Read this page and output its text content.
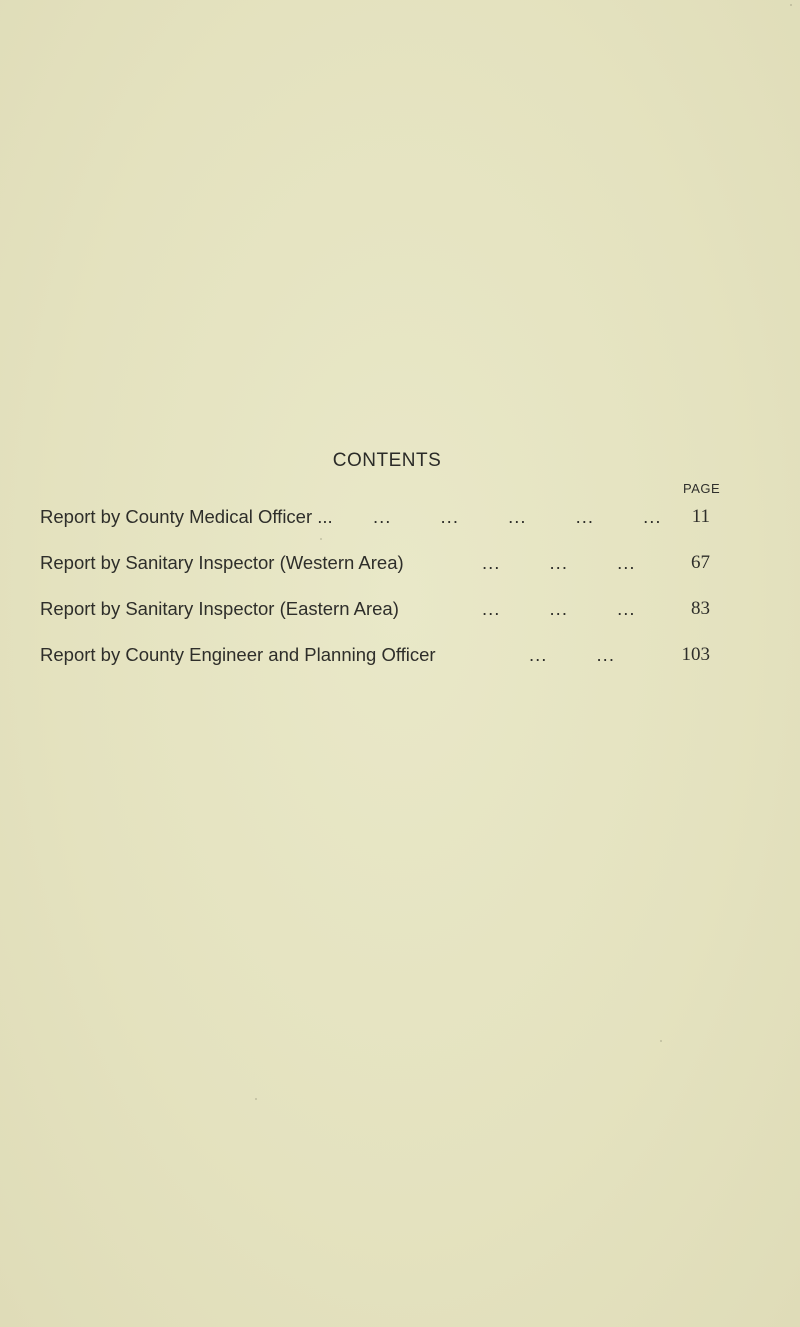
CONTENTS
PAGE
Report by County Medical Officer ... ...        ...        ...        ...        ... 11
Report by Sanitary Inspector (Western Area)	...        ...        ...	67
Report by Sanitary Inspector (Eastern Area)	...        ...        ...	83
Report by County Engineer and Planning Officer	...        ...	103
